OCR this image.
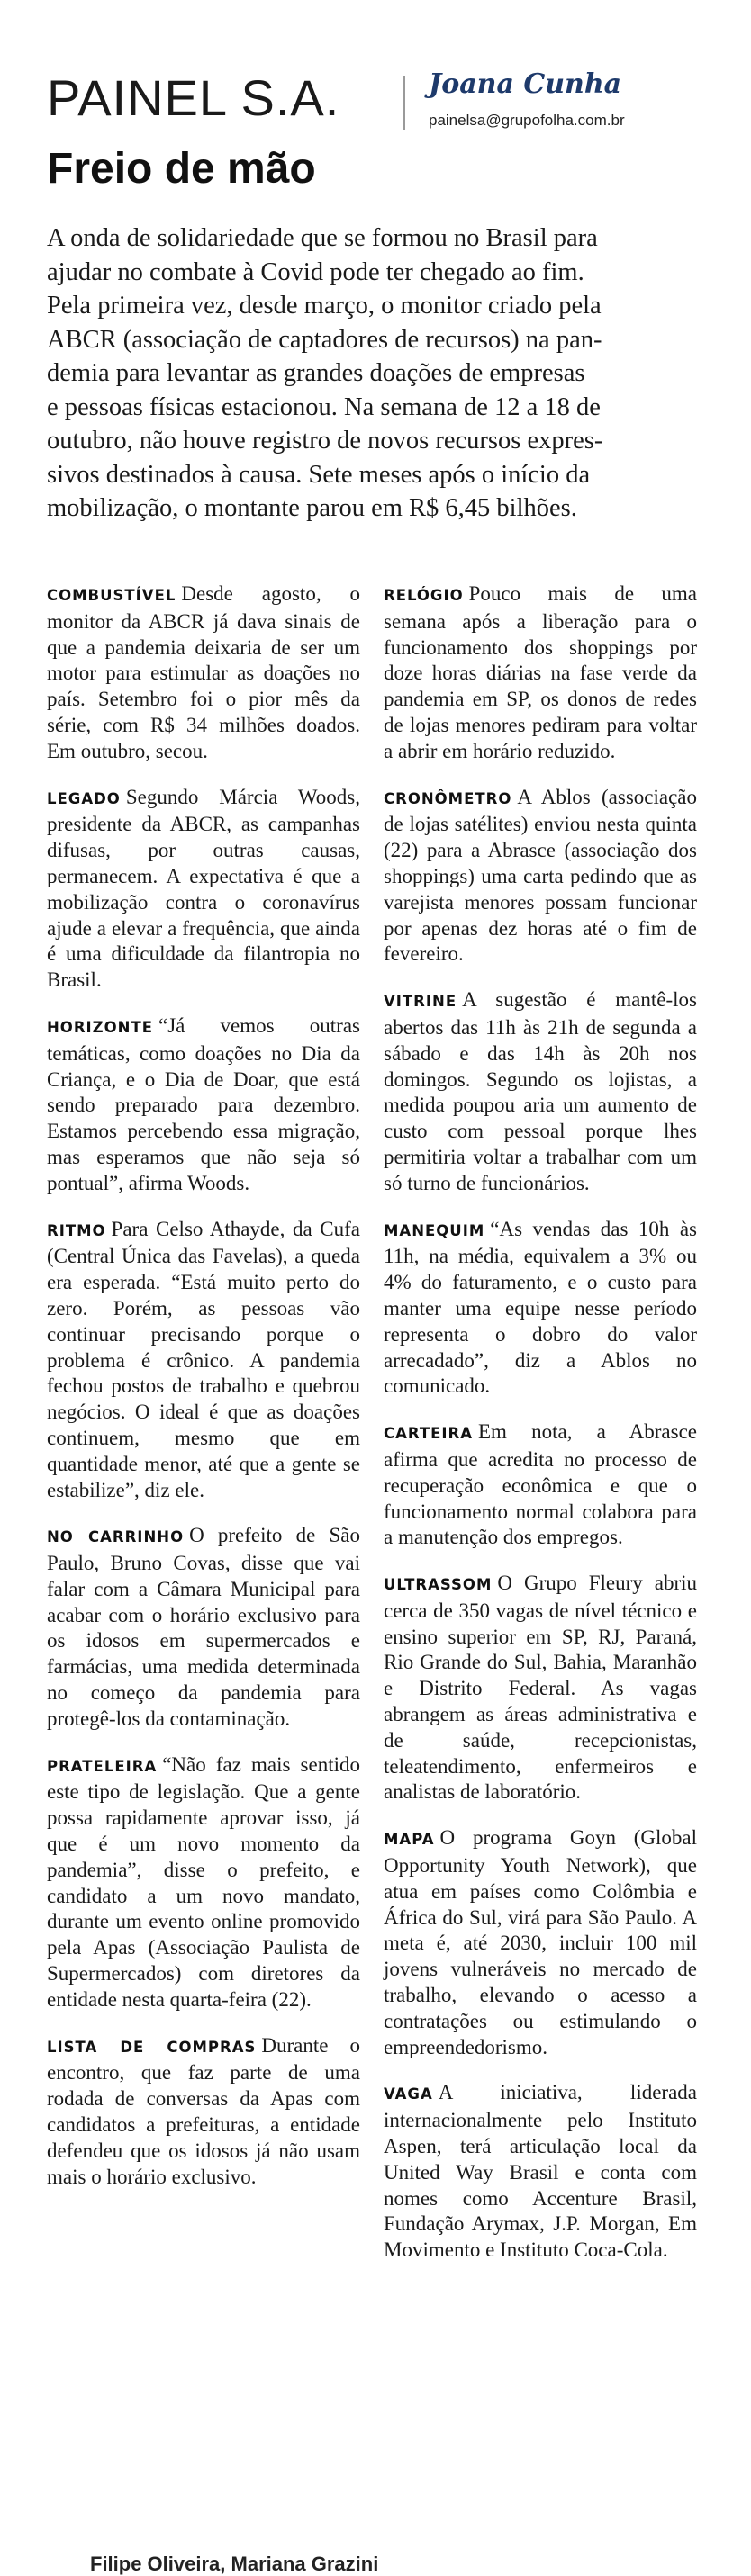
PAINEL S.A.	Joana Cunha
painelsa@grupofolha.com.br
Freio de mão

A onda de solidariedade que se formou no Brasil para
ajudar no combate à Covid pode ter chegado ao fim.
Pela primeira vez, desde março, o monitor criado pela
ABCR (associação de captadores de recursos) na pan-
demia para levantar as grandes doações de empresas
e pessoas físicas estacionou. Na semana de 12 a 18 de
outubro, não houve registro de novos recursos expres-
sivos destinados à causa. Sete meses após o início da
mobilização, o montante parou em R$ 6,45 bilhões.

COMBUSTÍVEL Desde agosto, o monitor da ABCR já dava sinais de que a pandemia deixaria de ser um motor para estimular as doações no país. Setembro foi o pior mês da série, com R$ 34 milhões doados. Em outubro, secou.

LEGADO Segundo Márcia Woods, presidente da ABCR, as campanhas difusas, por outras causas, permanecem. A expectativa é que a mobilização contra o coronavírus ajude a elevar a frequência, que ainda é uma dificuldade da filantropia no Brasil.

HORIZONTE “Já vemos outras temáticas, como doações no Dia da Criança, e o Dia de Doar, que está sendo preparado para dezembro. Estamos percebendo essa migração, mas esperamos que não seja só pontual”, afirma Woods.

RITMO Para Celso Athayde, da Cufa (Central Única das Favelas), a queda era esperada. “Está muito perto do zero. Porém, as pessoas vão continuar precisando porque o problema é crônico. A pandemia fechou postos de trabalho e quebrou negócios. O ideal é que as doações continuem, mesmo que em quantidade menor, até que a gente se estabilize”, diz ele.

NO CARRINHO O prefeito de São Paulo, Bruno Covas, disse que vai falar com a Câmara Municipal para acabar com o horário exclusivo para os idosos em supermercados e farmácias, uma medida determinada no começo da pandemia para protegê-los da contaminação.

PRATELEIRA “Não faz mais sentido este tipo de legislação. Que a gente possa rapidamente aprovar isso, já que é um novo momento da pandemia”, disse o prefeito, e candidato a um novo mandato, durante um evento online promovido pela Apas (Associação Paulista de Supermercados) com diretores da entidade nesta quarta-feira (22).

LISTA DE COMPRAS Durante o encontro, que faz parte de uma rodada de conversas da Apas com candidatos a prefeituras, a entidade defendeu que os idosos já não usam mais o horário exclusivo.

RELÓGIO Pouco mais de uma semana após a liberação para o funcionamento dos shoppings por doze horas diárias na fase verde da pandemia em SP, os donos de redes de lojas menores pediram para voltar a abrir em horário reduzido.

CRONÔMETRO A Ablos (associação de lojas satélites) enviou nesta quinta (22) para a Abrasce (associação dos shoppings) uma carta pedindo que as varejista menores possam funcionar por apenas dez horas até o fim de fevereiro.

VITRINE A sugestão é mantê-los abertos das 11h às 21h de segunda a sábado e das 14h às 20h nos domingos. Segundo os lojistas, a medida poupou aria um aumento de custo com pessoal porque lhes permitiria voltar a trabalhar com um só turno de funcionários.

MANEQUIM “As vendas das 10h às 11h, na média, equivalem a 3% ou 4% do faturamento, e o custo para manter uma equipe nesse período representa o dobro do valor arrecadado”, diz a Ablos no comunicado.

CARTEIRA Em nota, a Abrasce afirma que acredita no processo de recuperação econômica e que o funcionamento normal colabora para a manutenção dos empregos.

ULTRASSOM O Grupo Fleury abriu cerca de 350 vagas de nível técnico e ensino superior em SP, RJ, Paraná, Rio Grande do Sul, Bahia, Maranhão e Distrito Federal. As vagas abrangem as áreas administrativa e de saúde, recepcionistas, teleatendimento, enfermeiros e analistas de laboratório.

MAPA O programa Goyn (Global Opportunity Youth Network), que atua em países como Colômbia e África do Sul, virá para São Paulo. A meta é, até 2030, incluir 100 mil jovens vulneráveis no mercado de trabalho, elevando o acesso a contratações ou estimulando o empreendedorismo.

VAGA A iniciativa, liderada internacionalmente pelo Instituto Aspen, terá articulação local da United Way Brasil e conta com nomes como Accenture Brasil, Fundação Arymax, J.P. Morgan, Em Movimento e Instituto Coca-Cola.

Filipe Oliveira, Mariana Grazini
